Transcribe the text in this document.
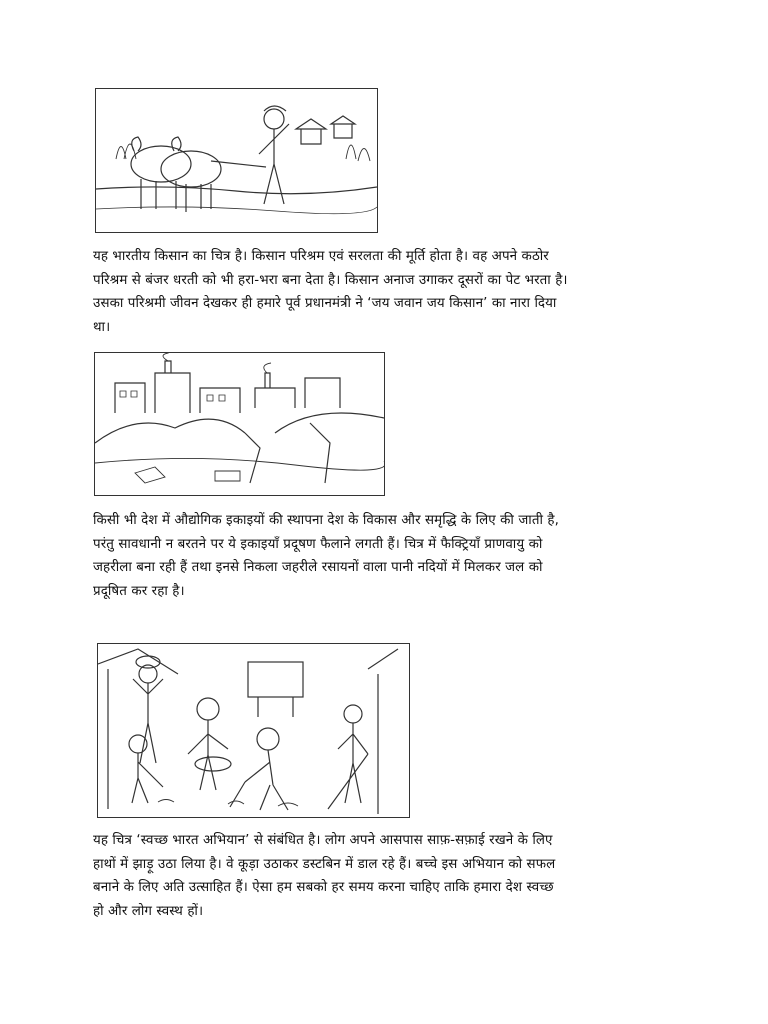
यह भारतीय किसान का चित्र है। किसान परिश्रम एवं सरलता की मूर्ति होता है। वह अपने कठोर
परिश्रम से बंजर धरती को भी हरा-भरा बना देता है। किसान अनाज उगाकर दूसरों का पेट भरता है।
उसका परिश्रमी जीवन देखकर ही हमारे पूर्व प्रधानमंत्री ने ‘जय जवान जय किसान’ का नारा दिया
था।

किसी भी देश में औद्योगिक इकाइयों की स्थापना देश के विकास और समृद्धि के लिए की जाती है,
परंतु सावधानी न बरतने पर ये इकाइयाँ प्रदूषण फैलाने लगती हैं। चित्र में फैक्ट्रियाँ प्राणवायु को
जहरीला बना रही हैं तथा इनसे निकला जहरीले रसायनों वाला पानी नदियों में मिलकर जल को
प्रदूषित कर रहा है।

यह चित्र ‘स्वच्छ भारत अभियान’ से संबंधित है। लोग अपने आसपास साफ़-सफ़ाई रखने के लिए
हाथों में झाड़ू उठा लिया है। वे कूड़ा उठाकर डस्टबिन में डाल रहे हैं। बच्चे इस अभियान को सफल
बनाने के लिए अति उत्साहित हैं। ऐसा हम सबको हर समय करना चाहिए ताकि हमारा देश स्वच्छ
हो और लोग स्वस्थ हों।
